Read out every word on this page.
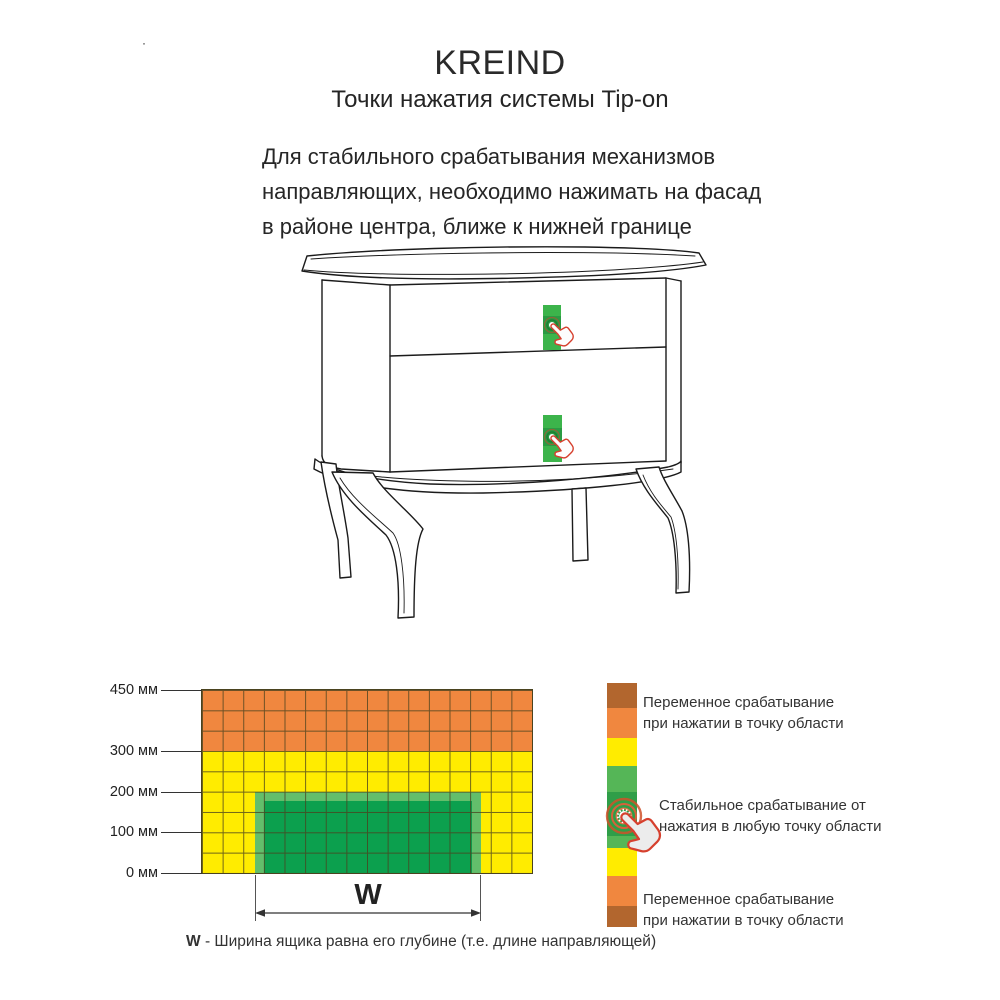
·
KREIND
Точки нажатия системы Tip-on
Для стабильного срабатывания механизмов
направляющих, необходимо нажимать на фасад
в районе центра, ближе к нижней границе
450 мм
300 мм
200 мм
100 мм
0 мм
W
W - Ширина ящика равна его глубине (т.е. длине направляющей)
Переменное срабатывание
при нажатии в точку области
Стабильное срабатывание от
нажатия в любую точку области
Переменное срабатывание
при нажатии в точку области
